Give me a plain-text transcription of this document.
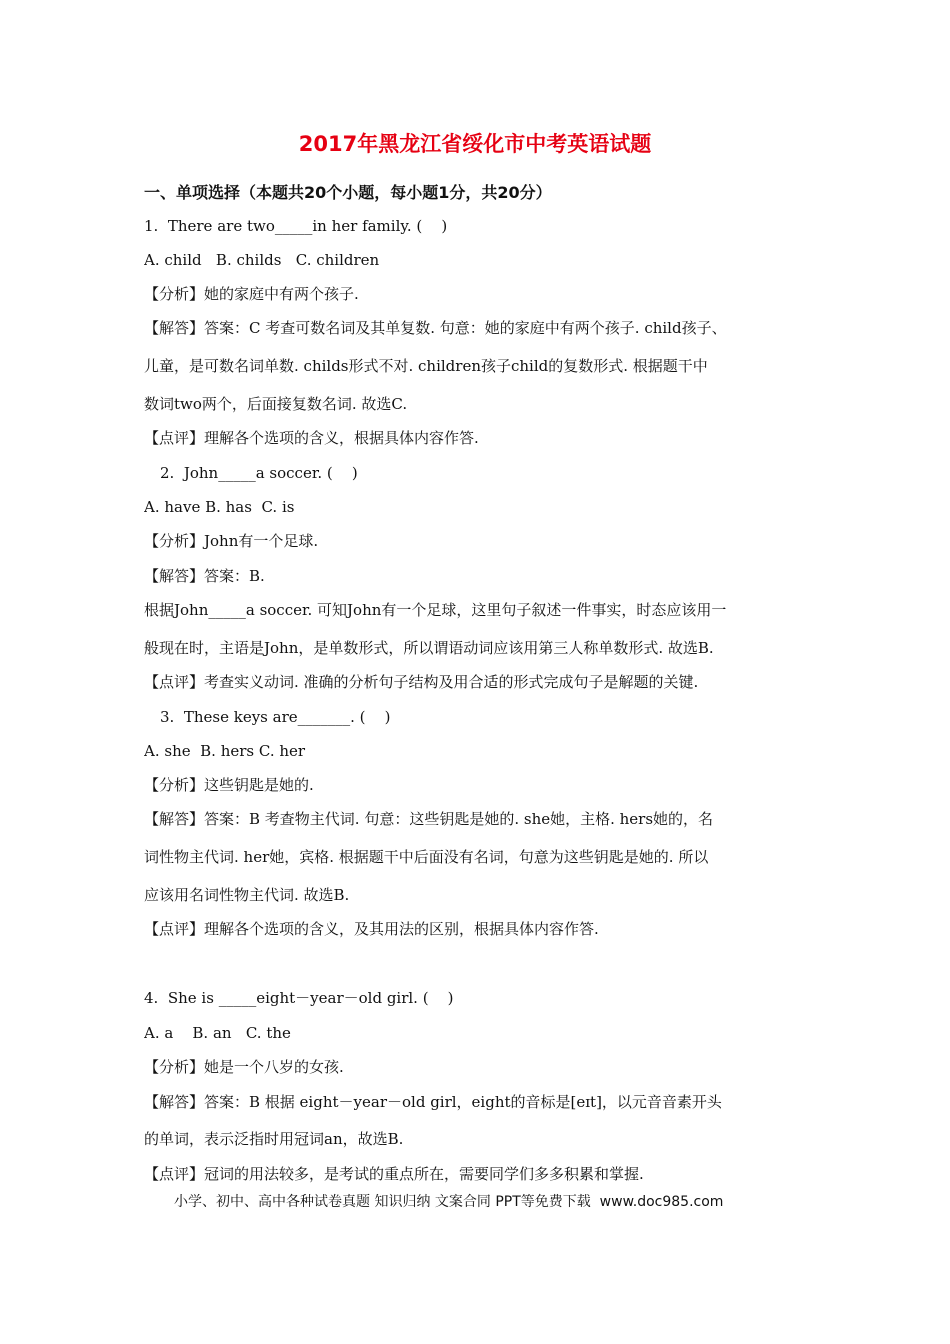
2017年黑龙江省绥化市中考英语试题
一、单项选择（本题共20个小题，每小题1分，共20分）
1.  There are two_____in her family. (    )
A. child   B. childs   C. children
【分析】她的家庭中有两个孩子.
【解答】答案：C 考查可数名词及其单复数. 句意：她的家庭中有两个孩子. child孩子、
儿童，是可数名词单数. childs形式不对. children孩子child的复数形式. 根据题干中
数词two两个，后面接复数名词. 故选C.
【点评】理解各个选项的含义，根据具体内容作答.
2.  John_____a soccer. (    )
A. have B. has  C. is
【分析】John有一个足球.
【解答】答案：B.
根据John_____a soccer. 可知John有一个足球，这里句子叙述一件事实，时态应该用一
般现在时，主语是John，是单数形式，所以谓语动词应该用第三人称单数形式. 故选B.
【点评】考查实义动词. 准确的分析句子结构及用合适的形式完成句子是解题的关键.
3.  These keys are_______. (    )
A. she  B. hers C. her
【分析】这些钥匙是她的.
【解答】答案：B 考查物主代词. 句意：这些钥匙是她的. she她，主格. hers她的，名
词性物主代词. her她，宾格. 根据题干中后面没有名词，句意为这些钥匙是她的. 所以
应该用名词性物主代词. 故选B.
【点评】理解各个选项的含义，及其用法的区别，根据具体内容作答.
4.  She is _____eight－year－old girl. (    )
A. a    B. an   C. the
【分析】她是一个八岁的女孩.
【解答】答案：B 根据 eight－year－old girl，eight的音标是[eɪt]，以元音音素开头
的单词，表示泛指时用冠词an，故选B.
【点评】冠词的用法较多，是考试的重点所在，需要同学们多多积累和掌握.
小学、初中、高中各种试卷真题 知识归纳 文案合同 PPT等免费下载  www.doc985.com
